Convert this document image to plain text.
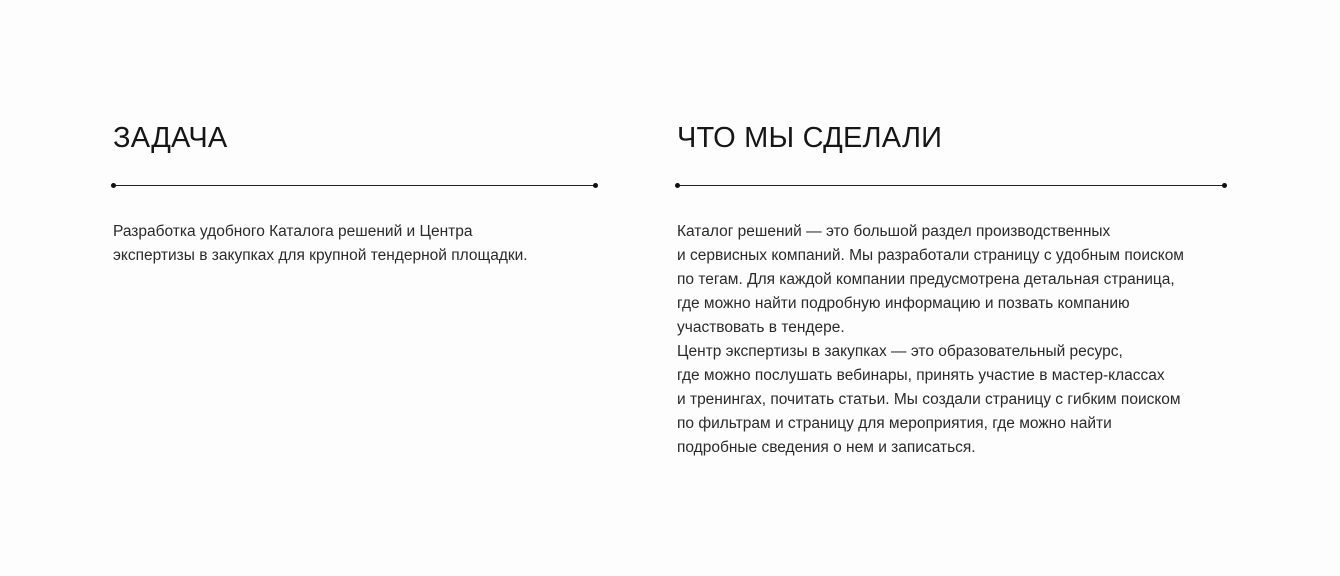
ЗАДАЧА

Разработка удобного Каталога решений и Центра
экспертизы в закупках для крупной тендерной площадки.

ЧТО МЫ СДЕЛАЛИ

Каталог решений — это большой раздел производственных
и сервисных компаний. Мы разработали страницу с удобным поиском
по тегам. Для каждой компании предусмотрена детальная страница,
где можно найти подробную информацию и позвать компанию
участвовать в тендере.
Центр экспертизы в закупках — это образовательный ресурс,
где можно послушать вебинары, принять участие в мастер-классах
и тренингах, почитать статьи. Мы создали страницу с гибким поиском
по фильтрам и страницу для мероприятия, где можно найти
подробные сведения о нем и записаться.
